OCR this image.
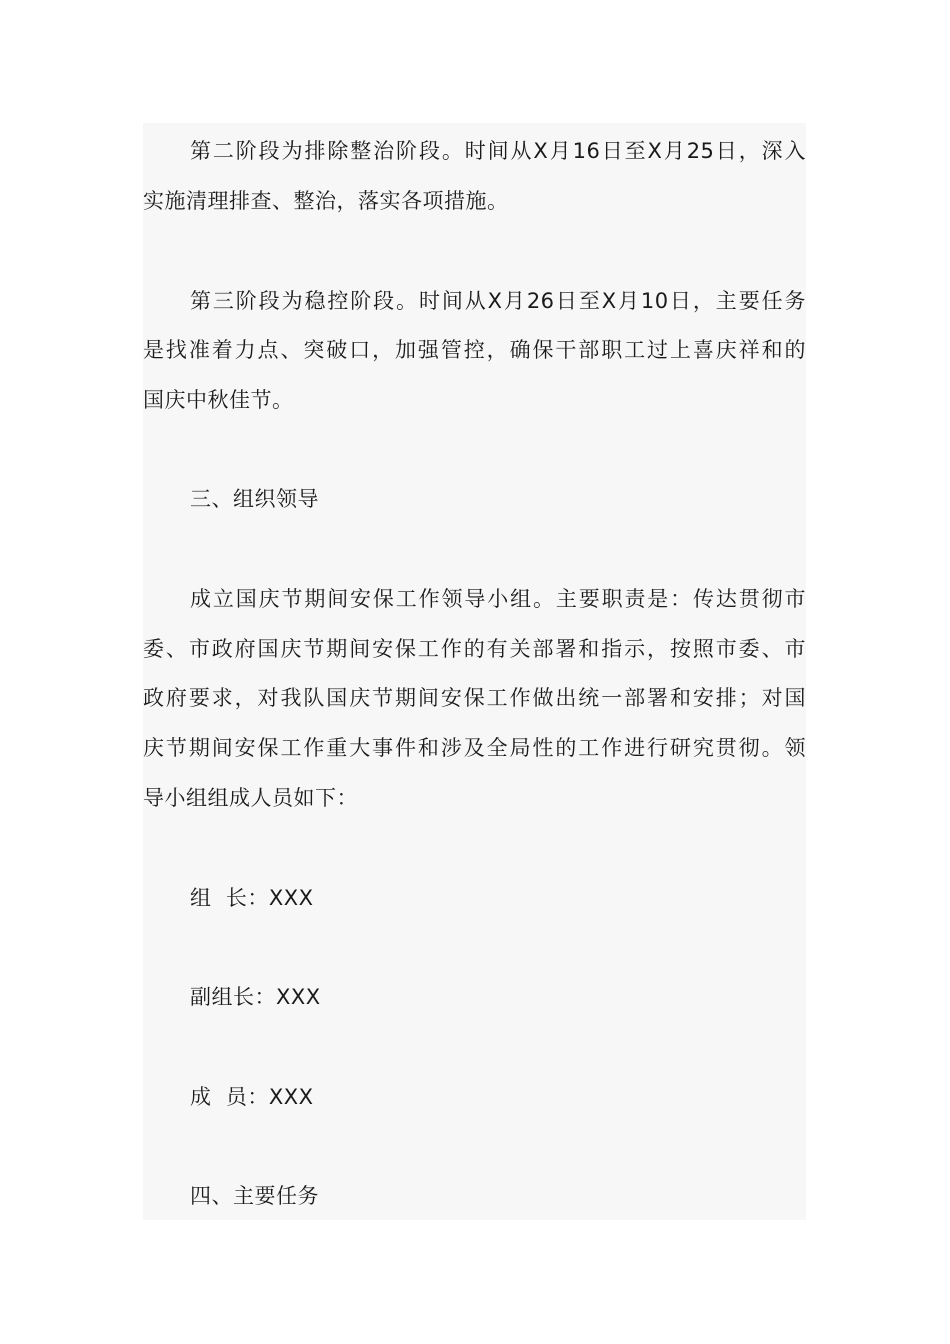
第二阶段为排除整治阶段。时间从X月16日至X月25日，深入
实施清理排查、整治，落实各项措施。
第三阶段为稳控阶段。时间从X月26日至X月10日，主要任务
是找准着力点、突破口，加强管控，确保干部职工过上喜庆祥和的
国庆中秋佳节。
三、组织领导
成立国庆节期间安保工作领导小组。主要职责是：传达贯彻市
委、市政府国庆节期间安保工作的有关部署和指示，按照市委、市
政府要求，对我队国庆节期间安保工作做出统一部署和安排；对国
庆节期间安保工作重大事件和涉及全局性的工作进行研究贯彻。领
导小组组成人员如下：
组  长：XXX
副组长：XXX
成  员：XXX
四、主要任务
